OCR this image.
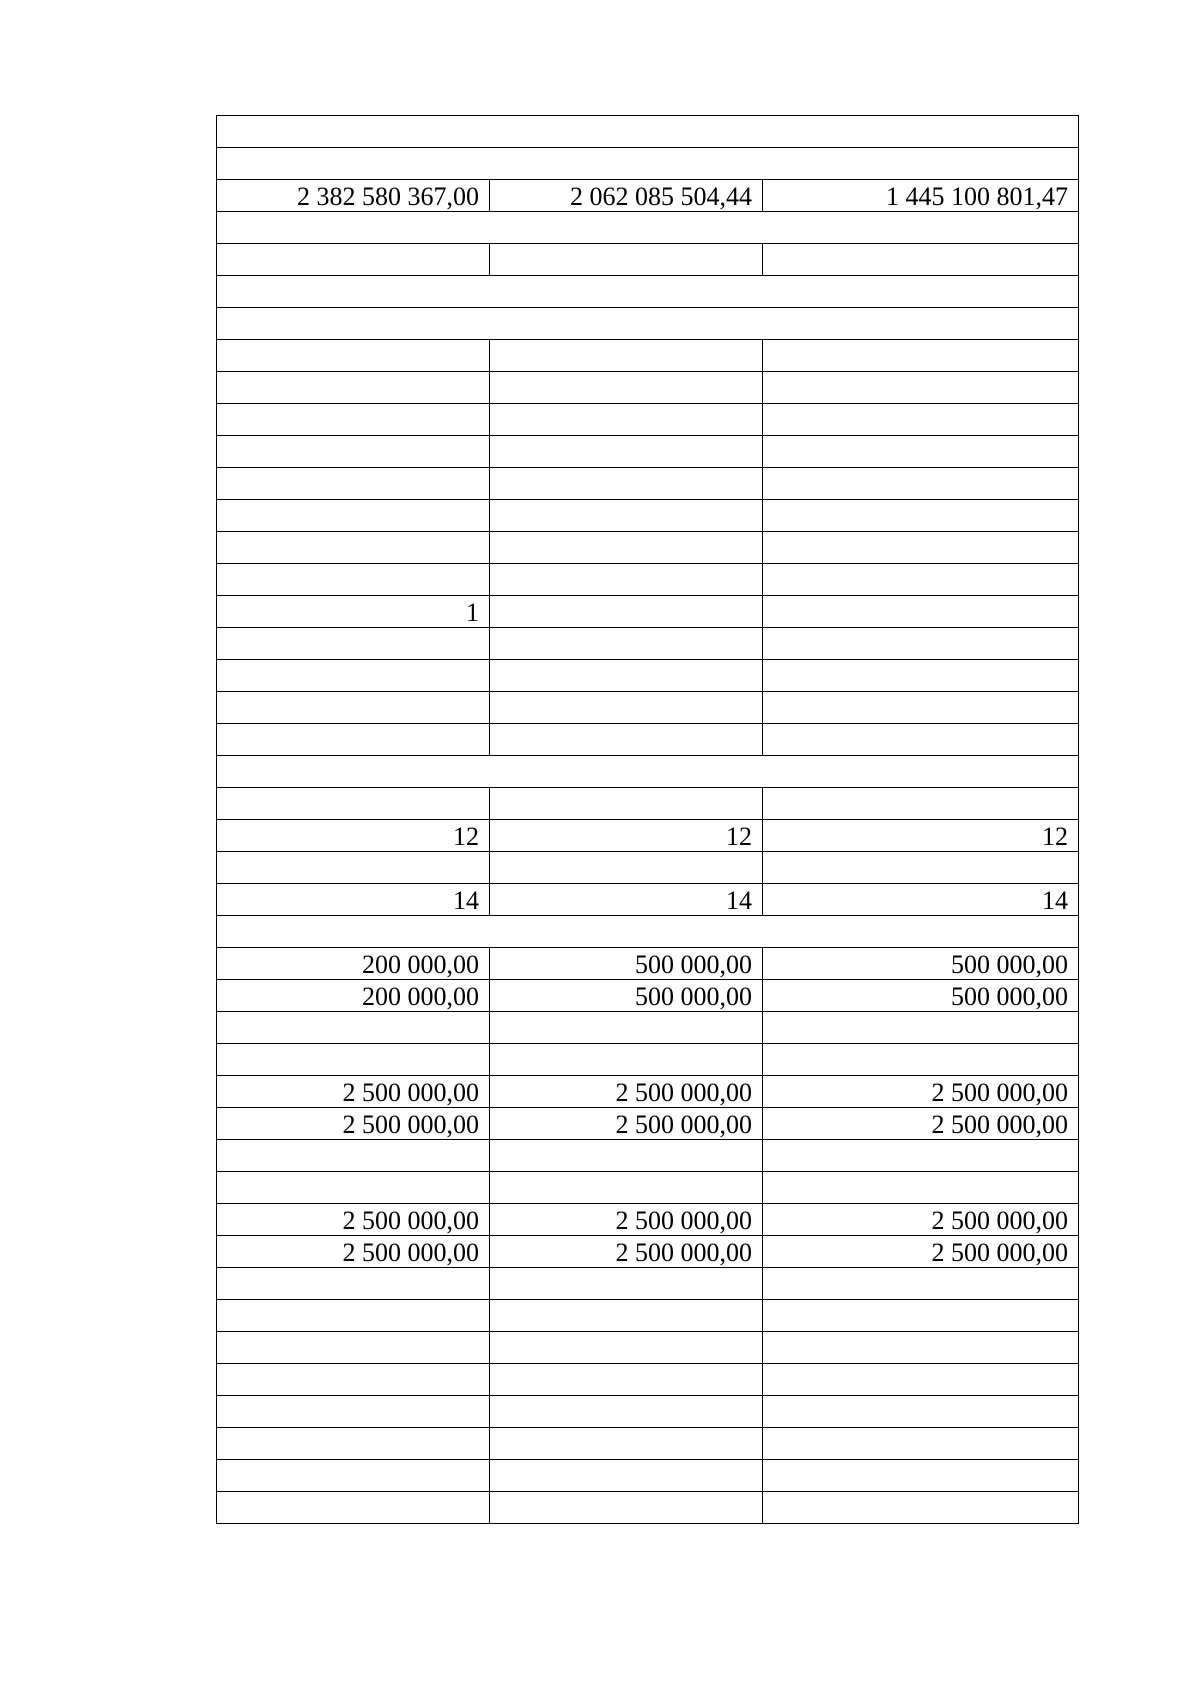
2 382 580 367,00	2 062 085 504,44	1 445 100 801,47

1		

12	12	12

14	14	14

200 000,00	500 000,00	500 000,00
200 000,00	500 000,00	500 000,00

2 500 000,00	2 500 000,00	2 500 000,00
2 500 000,00	2 500 000,00	2 500 000,00

2 500 000,00	2 500 000,00	2 500 000,00
2 500 000,00	2 500 000,00	2 500 000,00
